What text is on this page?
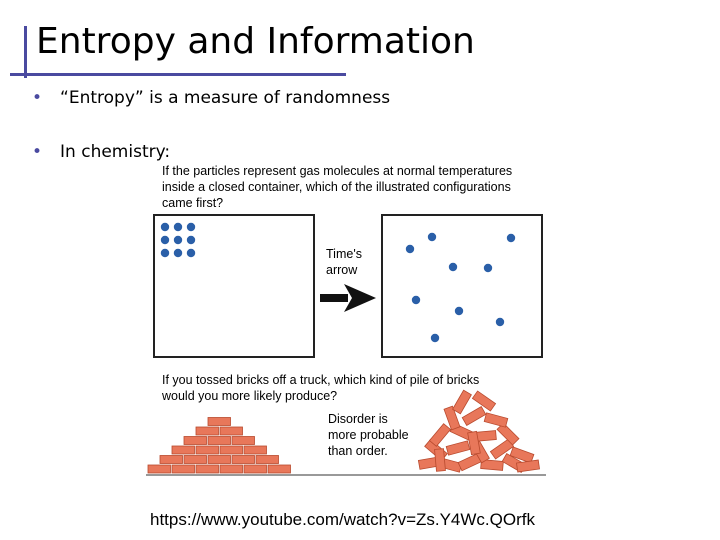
Entropy and Information
• “Entropy” is a measure of randomness
• In chemistry:
If the particles represent gas molecules at normal temperatures inside a closed container, which of the illustrated configurations came first?
Time's arrow
If you tossed bricks off a truck, which kind of pile of bricks would you more likely produce?
Disorder is more probable than order.
https://www.youtube.com/watch?v=Zs.Y4Wc.QOrfk
